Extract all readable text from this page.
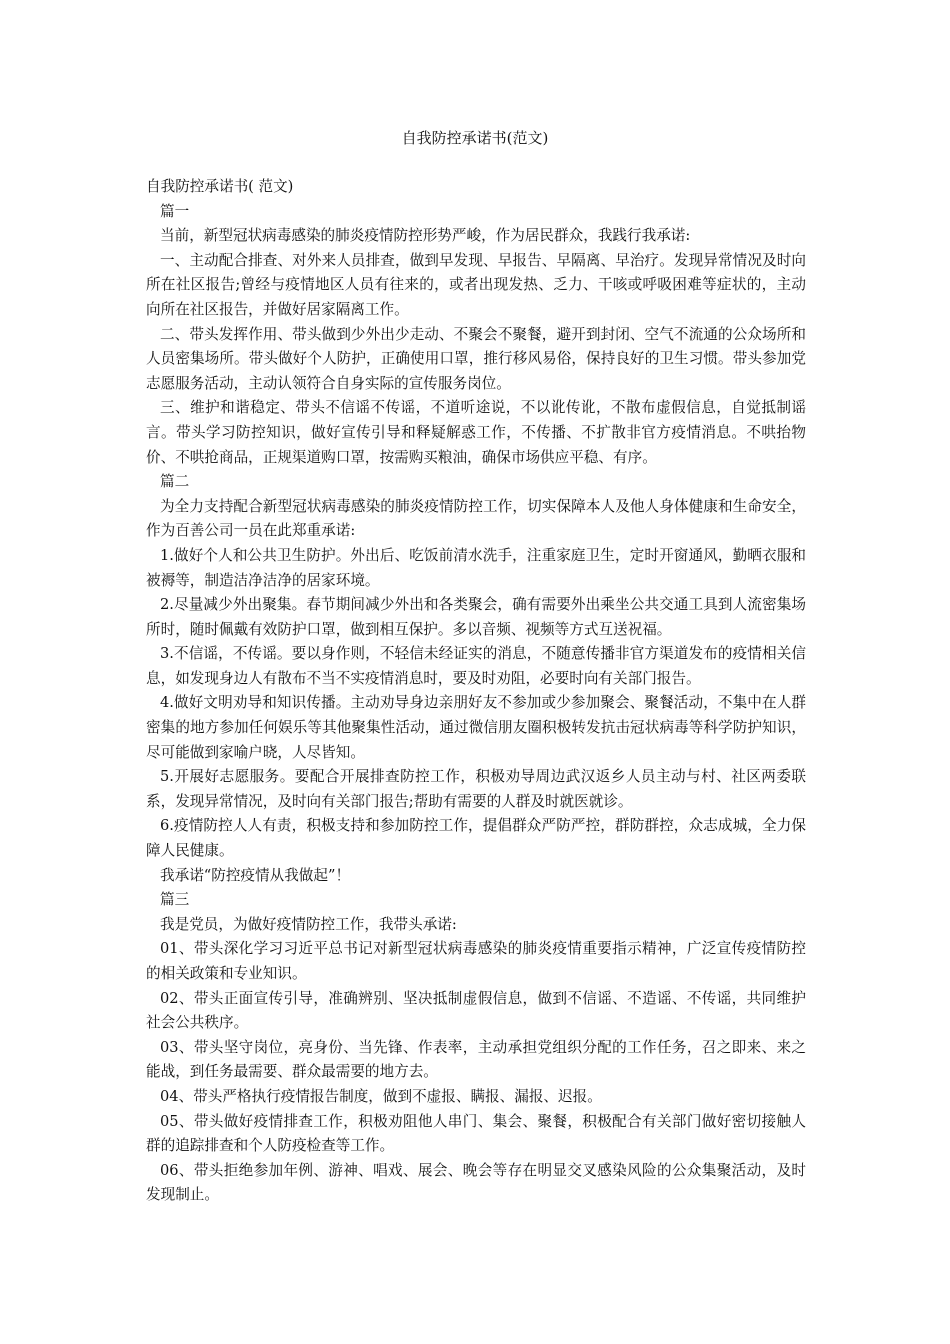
自我防控承诺书(范文)

自我防控承诺书( 范文)

篇一

当前，新型冠状病毒感染的肺炎疫情防控形势严峻，作为居民群众，我践行我承诺:

一、主动配合排查、对外来人员排查，做到早发现、早报告、早隔离、早治疗。发现异常情况及时向所在社区报告;曾经与疫情地区人员有往来的，或者出现发热、乏力、干咳或呼吸困难等症状的，主动向所在社区报告，并做好居家隔离工作。

二、带头发挥作用、带头做到少外出少走动、不聚会不聚餐，避开到封闭、空气不流通的公众场所和人员密集场所。带头做好个人防护，正确使用口罩，推行移风易俗，保持良好的卫生习惯。带头参加党志愿服务活动，主动认领符合自身实际的宣传服务岗位。

三、维护和谐稳定、带头不信谣不传谣，不道听途说，不以讹传讹，不散布虚假信息，自觉抵制谣言。带头学习防控知识，做好宣传引导和释疑解惑工作，不传播、不扩散非官方疫情消息。不哄抬物价、不哄抢商品，正规渠道购口罩，按需购买粮油，确保市场供应平稳、有序。

篇二

为全力支持配合新型冠状病毒感染的肺炎疫情防控工作，切实保障本人及他人身体健康和生命安全，作为百善公司一员在此郑重承诺:

1.做好个人和公共卫生防护。外出后、吃饭前清水洗手，注重家庭卫生，定时开窗通风，勤晒衣服和被褥等，制造洁净洁净的居家环境。

2.尽量减少外出聚集。春节期间减少外出和各类聚会，确有需要外出乘坐公共交通工具到人流密集场所时，随时佩戴有效防护口罩，做到相互保护。多以音频、视频等方式互送祝福。

3.不信谣，不传谣。要以身作则，不轻信未经证实的消息，不随意传播非官方渠道发布的疫情相关信息，如发现身边人有散布不当不实疫情消息时，要及时劝阻，必要时向有关部门报告。

4.做好文明劝导和知识传播。主动劝导身边亲朋好友不参加或少参加聚会、聚餐活动，不集中在人群密集的地方参加任何娱乐等其他聚集性活动，通过微信朋友圈积极转发抗击冠状病毒等科学防护知识，尽可能做到家喻户晓，人尽皆知。

5.开展好志愿服务。要配合开展排查防控工作，积极劝导周边武汉返乡人员主动与村、社区两委联系，发现异常情况，及时向有关部门报告;帮助有需要的人群及时就医就诊。

6.疫情防控人人有责，积极支持和参加防控工作，提倡群众严防严控，群防群控，众志成城，全力保障人民健康。

我承诺“防控疫情从我做起”！

篇三

我是党员，为做好疫情防控工作，我带头承诺:

01、带头深化学习习近平总书记对新型冠状病毒感染的肺炎疫情重要指示精神，广泛宣传疫情防控的相关政策和专业知识。

02、带头正面宣传引导，准确辨别、坚决抵制虚假信息，做到不信谣、不造谣、不传谣，共同维护社会公共秩序。

03、带头坚守岗位，亮身份、当先锋、作表率，主动承担党组织分配的工作任务，召之即来、来之能战，到任务最需要、群众最需要的地方去。

04、带头严格执行疫情报告制度，做到不虚报、瞒报、漏报、迟报。

05、带头做好疫情排查工作，积极劝阻他人串门、集会、聚餐，积极配合有关部门做好密切接触人群的追踪排查和个人防疫检查等工作。

06、带头拒绝参加年例、游神、唱戏、展会、晚会等存在明显交叉感染风险的公众集聚活动，及时发现制止。
